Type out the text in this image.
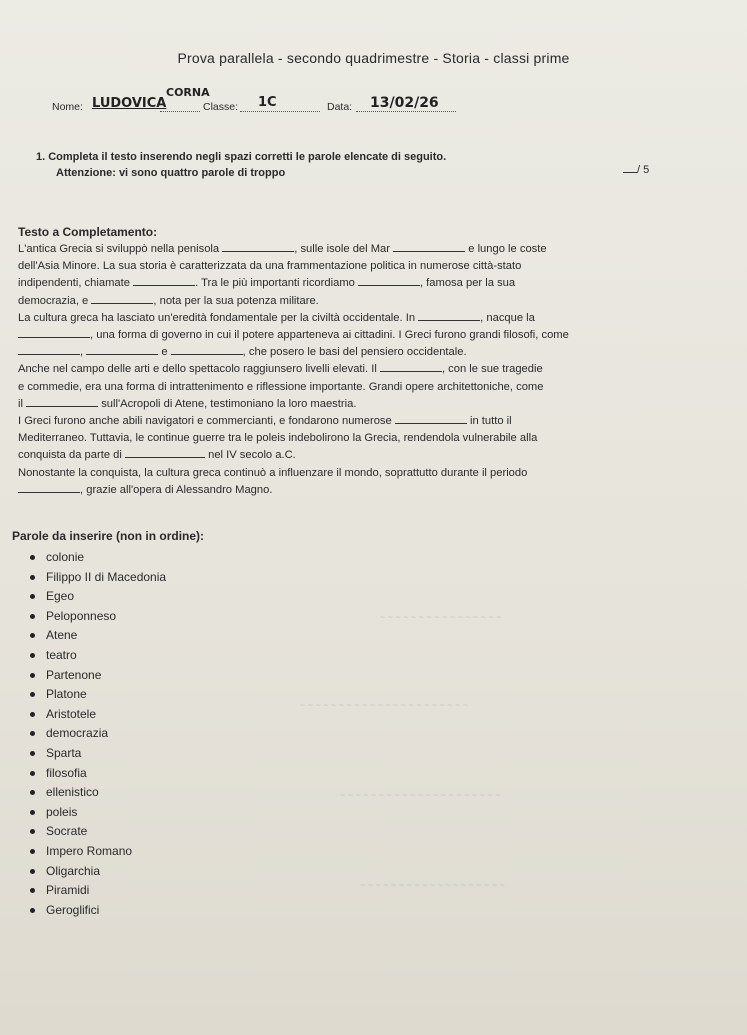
Prova parallela - secondo quadrimestre - Storia - classi prime
Nome: LUDOVICA
CORNA
Classe: 1C	Data: 13/02/26
1. Completa il testo inserendo negli spazi corretti le parole elencate di seguito.
Attenzione: vi sono quattro parole di troppo	/ 5
Testo a Completamento:

L'antica Grecia si sviluppò nella penisola	, sulle isole del Mar	e lungo le coste

dell'Asia Minore. La sua storia è caratterizzata da una frammentazione politica in numerose città-stato

indipendenti, chiamate	. Tra le più importanti ricordiamo	, famosa per la sua

democrazia, e	, nota per la sua potenza militare.

La cultura greca ha lasciato un'eredità fondamentale per la civiltà occidentale. In	, nacque la

, una forma di governo in cui il potere apparteneva ai cittadini. I Greci furono grandi filosofi, come

,	e	, che posero le basi del pensiero occidentale.

Anche nel campo delle arti e dello spettacolo raggiunsero livelli elevati. Il	, con le sue tragedie

e commedie, era una forma di intrattenimento e riflessione importante. Grandi opere architettoniche, come

il	sull'Acropoli di Atene, testimoniano la loro maestria.

I Greci furono anche abili navigatori e commercianti, e fondarono numerose	in tutto il

Mediterraneo. Tuttavia, le continue guerre tra le poleis indebolirono la Grecia, rendendola vulnerabile alla

conquista da parte di	nel IV secolo a.C.

Nonostante la conquista, la cultura greca continuò a influenzare il mondo, soprattutto durante il periodo

, grazie all'opera di Alessandro Magno.

Parole da inserire (non in ordine):
colonie
Filippo II di Macedonia
Egeo
Peloponneso
Atene
teatro
Partenone
Platone
Aristotele
democrazia
Sparta
filosofia
ellenistico
poleis
Socrate
Impero Romano
Oligarchia
Piramidi
Geroglifici
~ ~ ~ ~ ~ ~ ~ ~ ~ ~ ~ ~ ~ ~ ~ ~
~ ~ ~ ~ ~ ~ ~ ~ ~ ~ ~ ~ ~ ~ ~ ~ ~ ~ ~ ~ ~ ~
~ ~ ~ ~ ~ ~ ~ ~ ~ ~ ~ ~ ~ ~ ~ ~ ~ ~ ~ ~ ~
~ ~ ~ ~ ~ ~ ~ ~ ~ ~ ~ ~ ~ ~ ~ ~ ~ ~ ~
